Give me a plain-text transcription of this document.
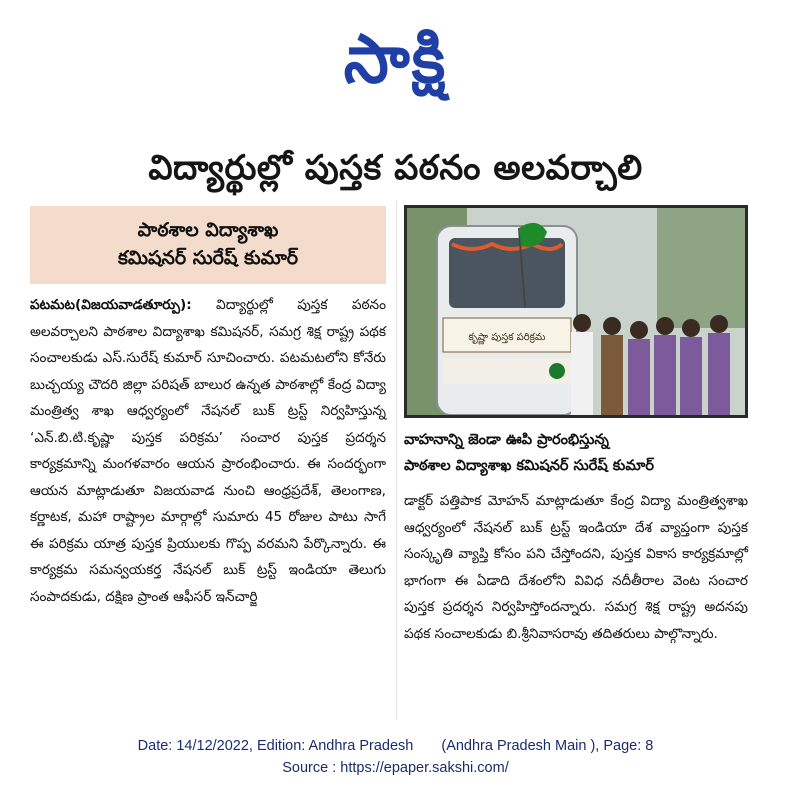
సాక్షి
విద్యార్థుల్లో పుస్తక పఠనం అలవర్చాలి
పాఠశాల విద్యాశాఖ
కమిషనర్ సురేష్ కుమార్
పటమట(విజయవాడతూర్పు): విద్యార్థుల్లో పుస్తక పఠనం అలవర్చాలని పాఠశాల విద్యాశాఖ కమిషనర్, సమగ్ర శిక్ష రాష్ట్ర పథక సంచాలకుడు ఎస్.సురేష్ కుమార్ సూచించారు. పటమటలోని కోనేరు బుచ్చయ్య చౌదరి జిల్లా పరిషత్ బాలుర ఉన్నత పాఠశాల్లో కేంద్ర విద్యా మంత్రిత్వ శాఖ ఆధ్వర్యంలో నేషనల్ బుక్ ట్రస్ట్ నిర్వహిస్తున్న ‘ఎన్.బి.టి.కృష్ణా పుస్తక పరిక్రమ’ సంచార పుస్తక ప్రదర్శన కార్యక్రమాన్ని మంగళవారం ఆయన ప్రారంభించారు. ఈ సందర్భంగా ఆయన మాట్లాడుతూ విజయవాడ నుంచి ఆంధ్రప్రదేశ్, తెలంగాణ, కర్ణాటక, మహా రాష్ట్రాల మార్గాల్లో సుమారు 45 రోజుల పాటు సాగే ఈ పరిక్రమ యాత్ర పుస్తక ప్రియులకు గొప్ప వరమని పేర్కొన్నారు. ఈ కార్యక్రమ సమన్వయకర్త నేషనల్ బుక్ ట్రస్ట్ ఇండియా తెలుగు సంపాదకుడు, దక్షిణ ప్రాంత ఆఫీసర్ ఇన్‌చార్జి
కృష్ణా పుస్తక పరిక్రమ
వాహనాన్ని జెండా ఊపి ప్రారంభిస్తున్న
పాఠశాల విద్యాశాఖ కమిషనర్ సురేష్ కుమార్
డాక్టర్ పత్తిపాక మోహన్ మాట్లాడుతూ కేంద్ర విద్యా మంత్రిత్వశాఖ ఆధ్వర్యంలో నేషనల్ బుక్ ట్రస్ట్ ఇండియా దేశ వ్యాప్తంగా పుస్తక సంస్కృతి వ్యాప్తి కోసం పని చేస్తోందని, పుస్తక వికాస కార్యక్రమాల్లో భాగంగా ఈ ఏడాది దేశంలోని వివిధ నదీతీరాల వెంట సంచార పుస్తక ప్రదర్శన నిర్వహిస్తోందన్నారు. సమగ్ర శిక్ష రాష్ట్ర అదనపు పథక సంచాలకుడు బి.శ్రీనివాసరావు తదితరులు పాల్గొన్నారు.
Date: 14/12/2022, Edition: Andhra Pradesh (Andhra Pradesh Main ), Page: 8
Source : https://epaper.sakshi.com/
